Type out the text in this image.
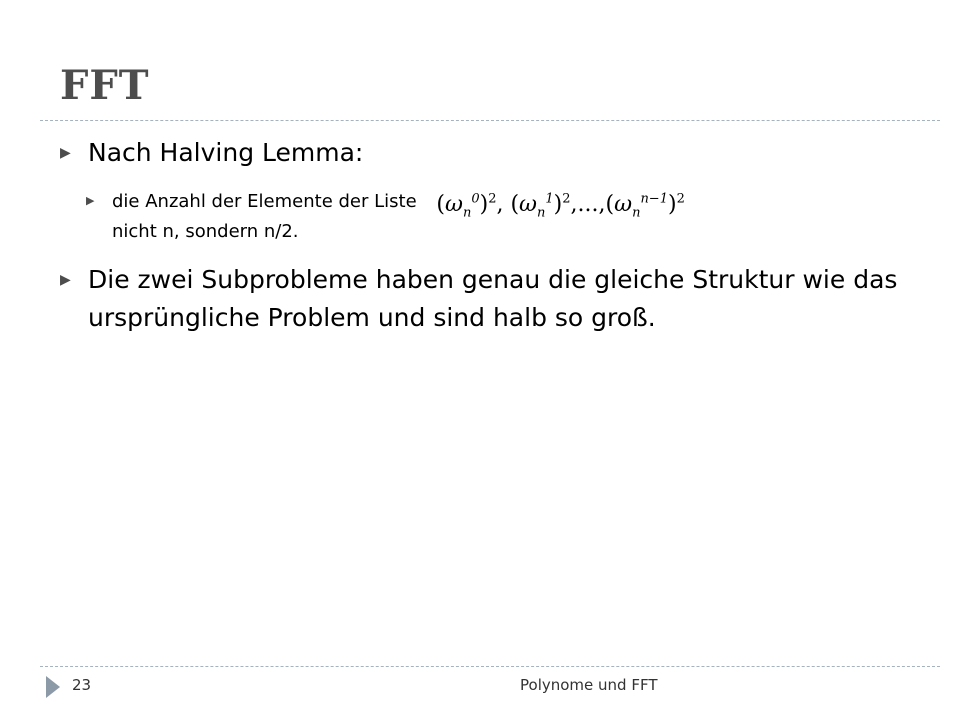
FFT
▶ Nach Halving Lemma:
▶ die Anzahl der Elemente der Liste $(\omega_n^0)^2$, $(\omega_n^1)^2,...,(\omega_n^{n-1})^2$
nicht n, sondern n/2.
▶ Die zwei Subprobleme haben genau die gleiche Struktur wie das ursprüngliche Problem und sind halb so groß.
23	Polynome und FFT
